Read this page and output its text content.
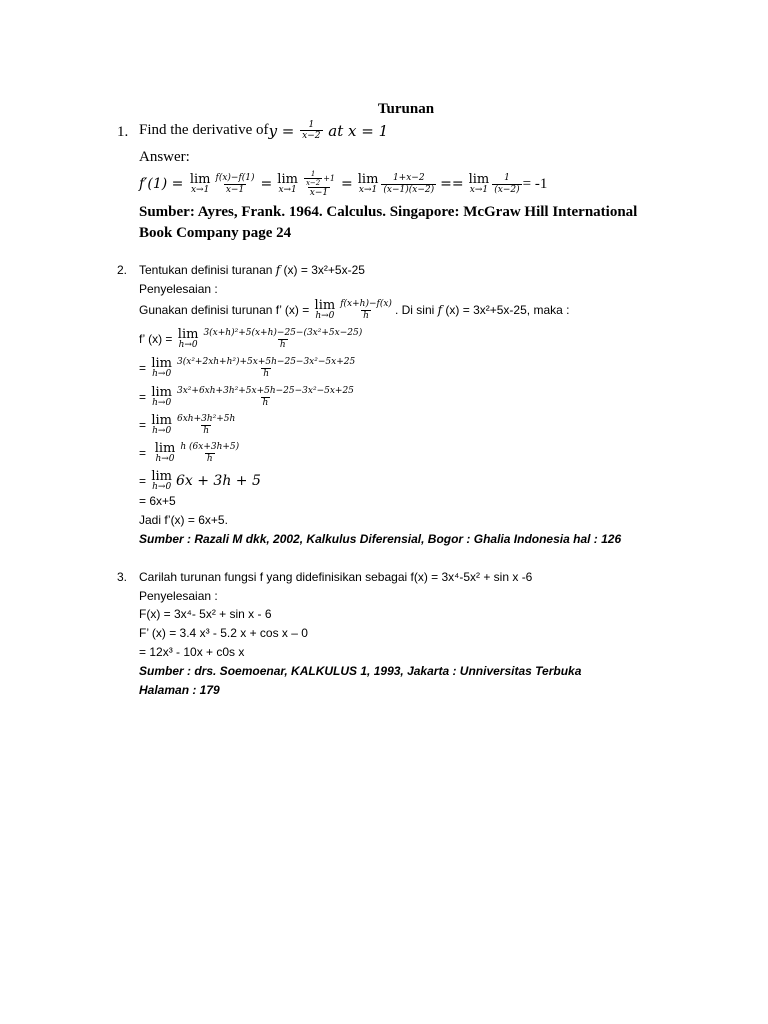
Turunan
1. Find the derivative of $y = \frac{1}{x-2}$ at x = 1
Answer:
f′(1) = lim
$x\to 1 \frac{f(x)-f(1)}{x-1} = \lim$
$x\to 1 \frac{\frac{1}{x-2} +1}{x-1} = \lim$
$x\to 1 \frac{1+x-2}{(x-1)(x-2)} == \lim$
$x\to 1 \frac{1}{(x-2)} = -1$
Sumber: Ayres, Frank. 1964. Calculus. Singapore: McGraw Hill International
Book Company page 24
2. Tentukan definisi turanan f (x) = 3x²+5x-25
Penyelesaian :
Gunakan definisi turunan f’ (x) = lim
$h\to 0 \frac{f(x+h)-f(x)}{h}$ . Di sini f (x) = 3x²+5x-25, maka :
f’ (x) = lim
$h\to 0 \frac{\text{3(x+h)²+5(x+h)−25−(3x²+5x−25)}}{h}$
= lim
$h\to 0 \frac{\text{3(x²+2xh+h²)+5x+5h−25−3x²−5x+25}}{h}$
= lim
$h\to 0 \frac{\text{3x²+6xh+3h²+5x+5h−25−3x²−5x+25}}{h}$
= lim
$h\to 0 \frac{\text{6xh+3h²+5h}}{h}$
= lim
$h\to 0 \frac{h (6x+3h+5)}{h}$
= lim
h→0 6x + 3h + 5
= 6x+5
Jadi f’(x) = 6x+5.
Sumber : Razali M dkk, 2002, Kalkulus Diferensial, Bogor : Ghalia Indonesia hal : 126
3. Carilah turunan fungsi f yang didefinisikan sebagai f(x) = 3x⁴-5x² + sin x -6
Penyelesaian :
F(x) = 3x⁴- 5x² + sin x - 6
F’ (x) = 3.4 x³ - 5.2 x + cos x – 0
= 12x³ - 10x + c0s x
Sumber : drs. Soemoenar, KALKULUS 1, 1993, Jakarta : Unniversitas Terbuka
Halaman : 179
